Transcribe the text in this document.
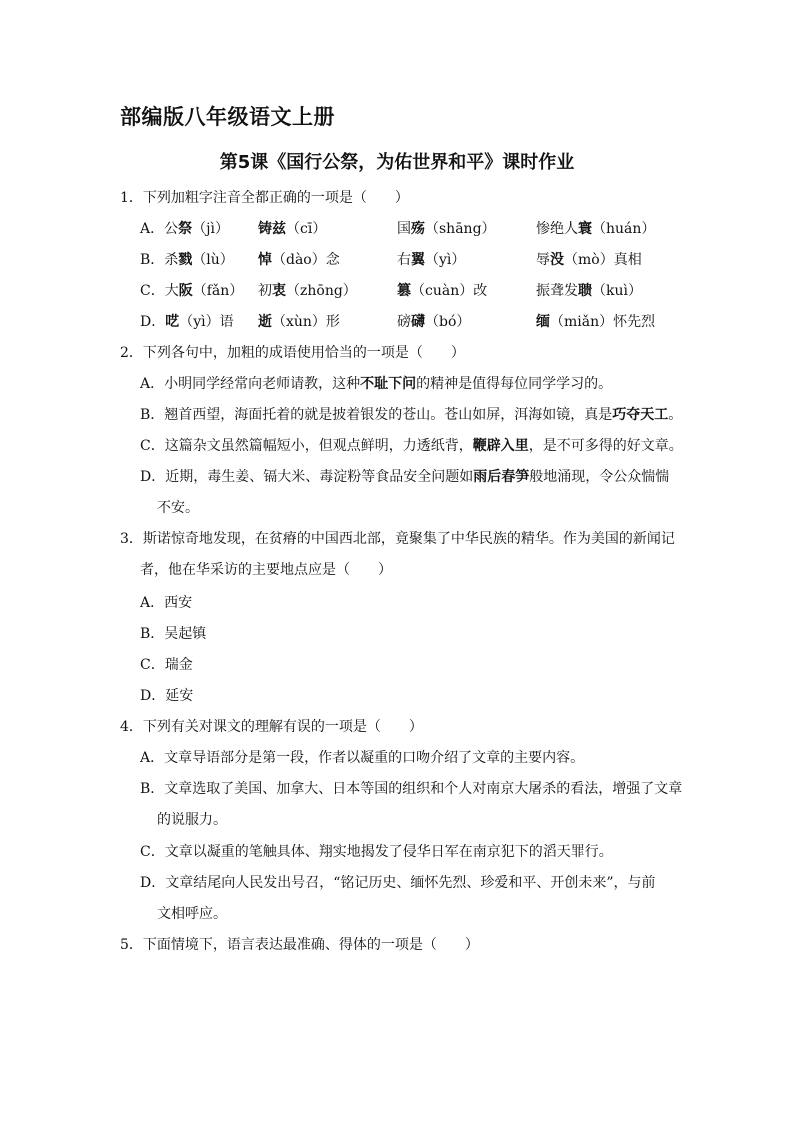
部编版八年级语文上册
第5课《国行公祭，为佑世界和平》课时作业
1．下列加粗字注音全都正确的一项是（　　）
A．公祭（jì） 铸兹（cī）	国殇（shāng）	惨绝人寰（huán）
B．杀戮（lù） 悼（dào）念	右翼（yì）	辱没（mò）真相
C．大阪（fǎn） 初衷（zhōng）	篡（cuàn）改	振聋发聩（kuì）
D．呓（yì）语 逝（xùn）形	磅礴（bó）	缅（miǎn）怀先烈
2．下列各句中，加粗的成语使用恰当的一项是（　　）
A．小明同学经常向老师请教，这种不耻下问的精神是值得每位同学学习的。
B．翘首西望，海面托着的就是披着银发的苍山。苍山如屏，洱海如镜，真是巧夺天工。
C．这篇杂文虽然篇幅短小，但观点鲜明，力透纸背，鞭辟入里，是不可多得的好文章。
D．近期，毒生姜、镉大米、毒淀粉等食品安全问题如雨后春笋般地涌现，令公众惴惴
不安。
3．斯诺惊奇地发现，在贫瘠的中国西北部，竟聚集了中华民族的精华。作为美国的新闻记
者，他在华采访的主要地点应是（　　）
A．西安
B．吴起镇
C．瑞金
D．延安
4．下列有关对课文的理解有误的一项是（　　）
A．文章导语部分是第一段，作者以凝重的口吻介绍了文章的主要内容。
B．文章选取了美国、加拿大、日本等国的组织和个人对南京大屠杀的看法，增强了文章
的说服力。
C．文章以凝重的笔触具体、翔实地揭发了侵华日军在南京犯下的滔天罪行。
D．文章结尾向人民发出号召，“铭记历史、缅怀先烈、珍爱和平、开创未来”，与前
文相呼应。
5．下面情境下，语言表达最准确、得体的一项是（　　）
